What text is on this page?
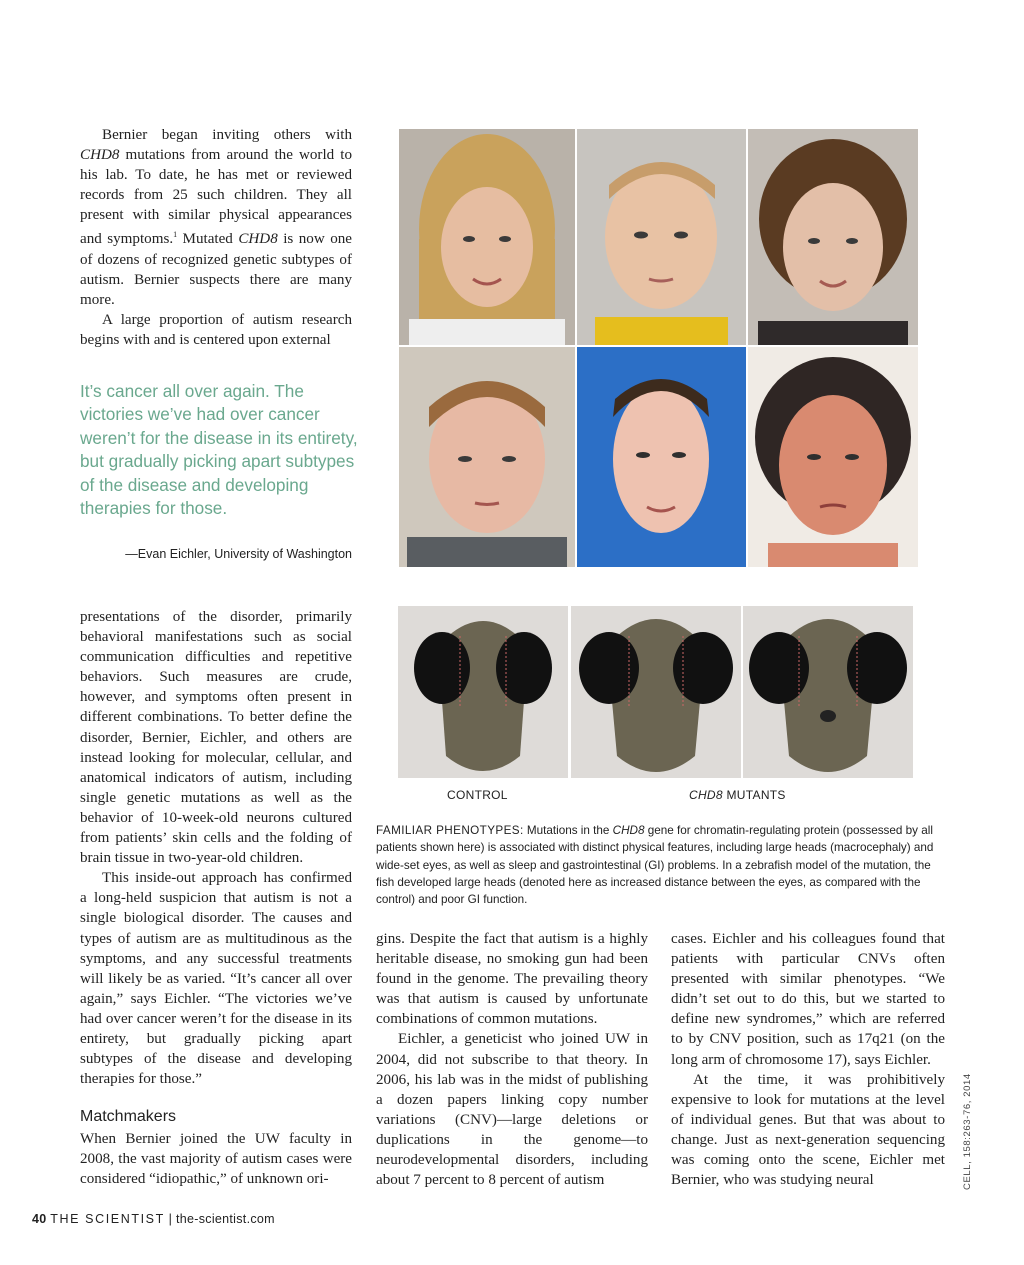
Bernier began inviting others with CHD8 mutations from around the world to his lab. To date, he has met or reviewed records from 25 such children. They all present with similar physical appearances and symptoms.$^1$ Mutated CHD8 is now one of dozens of recognized genetic subtypes of autism. Bernier suspects there are many more.

A large proportion of autism research begins with and is centered upon external

It’s cancer all over again. The victories we’ve had over cancer weren’t for the disease in its entirety, but gradually picking apart subtypes of the disease and developing therapies for those.
—Evan Eichler, University of Washington

presentations of the disorder, primarily behavioral manifestations such as social communication difficulties and repetitive behaviors. Such measures are crude, however, and symptoms often present in different combinations. To better define the disorder, Bernier, Eichler, and others are instead looking for molecular, cellular, and anatomical indicators of autism, including single genetic mutations as well as the behavior of 10-week-old neurons cultured from patients’ skin cells and the folding of brain tissue in two-year-old children.

This inside-out approach has confirmed a long-held suspicion that autism is not a single biological disorder. The causes and types of autism are as multitudinous as the symptoms, and any successful treatments will likely be as varied. “It’s cancer all over again,” says Eichler. “The victories we’ve had over cancer weren’t for the disease in its entirety, but gradually picking apart subtypes of the disease and developing therapies for those.”

Matchmakers

When Bernier joined the UW faculty in 2008, the vast majority of autism cases were considered “idiopathic,” of unknown ori-

gins. Despite the fact that autism is a highly heritable disease, no smoking gun had been found in the genome. The prevailing theory was that autism is caused by unfortunate combinations of common mutations.

Eichler, a geneticist who joined UW in 2004, did not subscribe to that theory. In 2006, his lab was in the midst of publishing a dozen papers linking copy number variations (CNV)—large deletions or duplications in the genome—to neurodevelopmental disorders, including about 7 percent to 8 percent of autism

cases. Eichler and his colleagues found that patients with particular CNVs often presented with similar phenotypes. “We didn’t set out to do this, but we started to define new syndromes,” which are referred to by CNV position, such as 17q21 (on the long arm of chromosome 17), says Eichler.

At the time, it was prohibitively expensive to look for mutations at the level of individual genes. But that was about to change. Just as next-generation sequencing was coming onto the scene, Eichler met Bernier, who was studying neural

CONTROL	CHD8 MUTANTS
FAMILIAR PHENOTYPES: Mutations in the CHD8 gene for chromatin-regulating protein (possessed by all patients shown here) is associated with distinct physical features, including large heads (macrocephaly) and wide-set eyes, as well as sleep and gastrointestinal (GI) problems. In a zebrafish model of the mutation, the fish developed large heads (denoted here as increased distance between the eyes, as compared with the control) and poor GI function.
CELL, 158:263-76, 2014
40 THE SCIENTIST | the-scientist.com
